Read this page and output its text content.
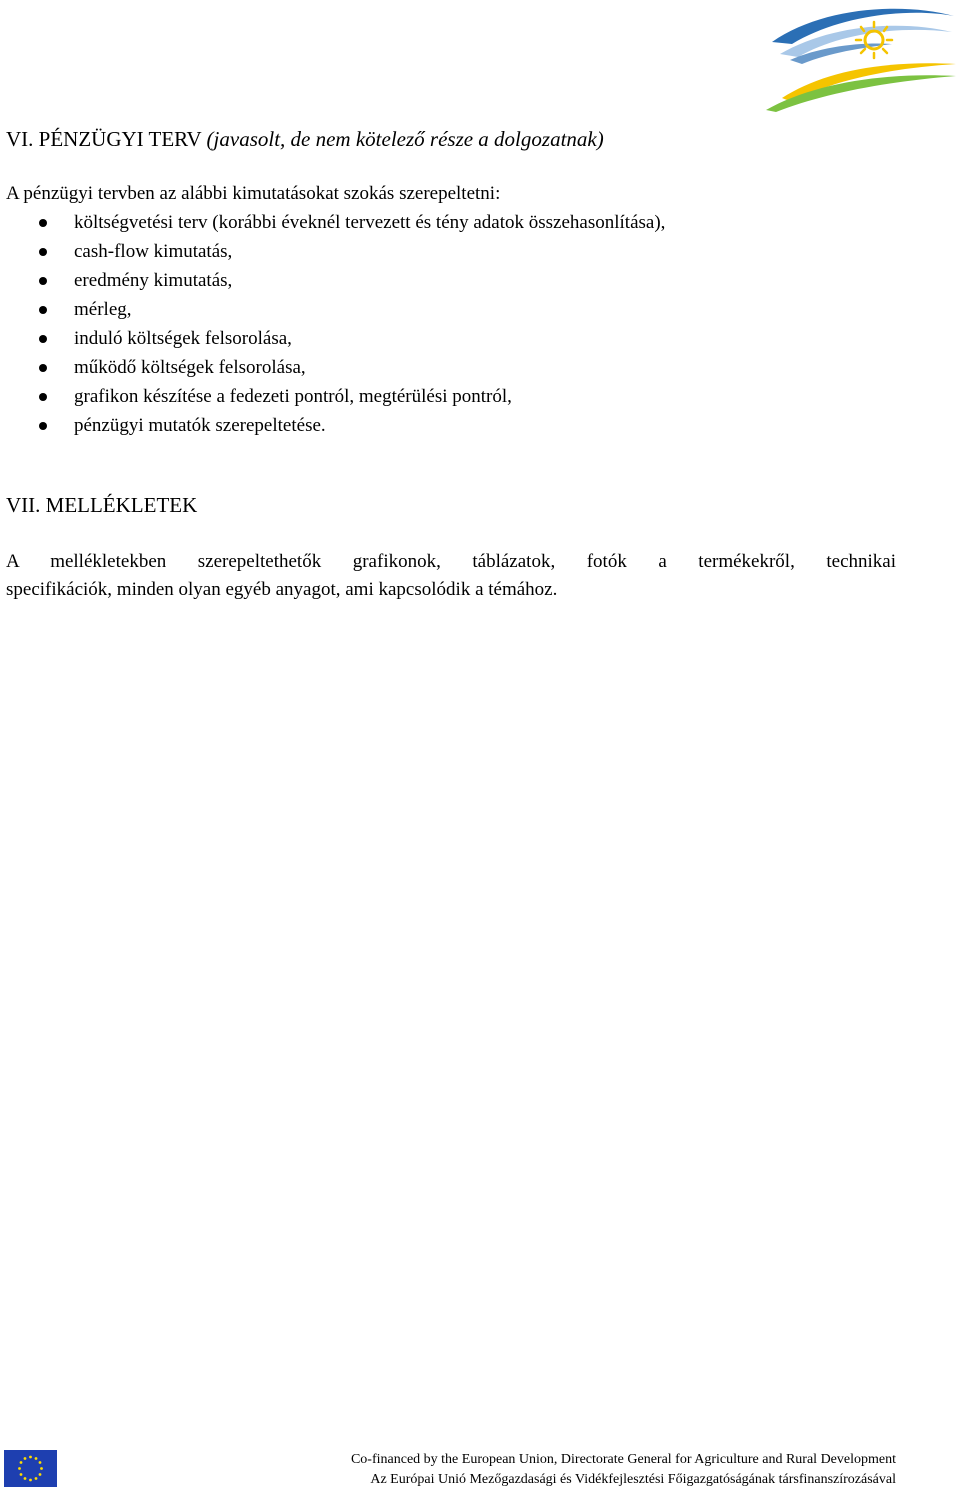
VI. PÉNZÜGYI TERV (javasolt, de nem kötelező része a dolgozatnak)

A pénzügyi tervben az alábbi kimutatásokat szokás szerepeltetni:

költségvetési terv (korábbi éveknél tervezett és tény adatok összehasonlítása),
cash-flow kimutatás,
eredmény kimutatás,
mérleg,
induló költségek felsorolása,
működő költségek felsorolása,
grafikon készítése a fedezeti pontról, megtérülési pontról,
pénzügyi mutatók szerepeltetése.
VII. MELLÉKLETEK

A mellékletekben szerepeltethetők grafikonok, táblázatok, fotók a termékekről, technikai
specifikációk, minden olyan egyéb anyagot, ami kapcsolódik a témához.

Co-financed by the European Union, Directorate General for Agriculture and Rural Development
Az Európai Unió Mezőgazdasági és Vidékfejlesztési Főigazgatóságának társfinanszírozásával
